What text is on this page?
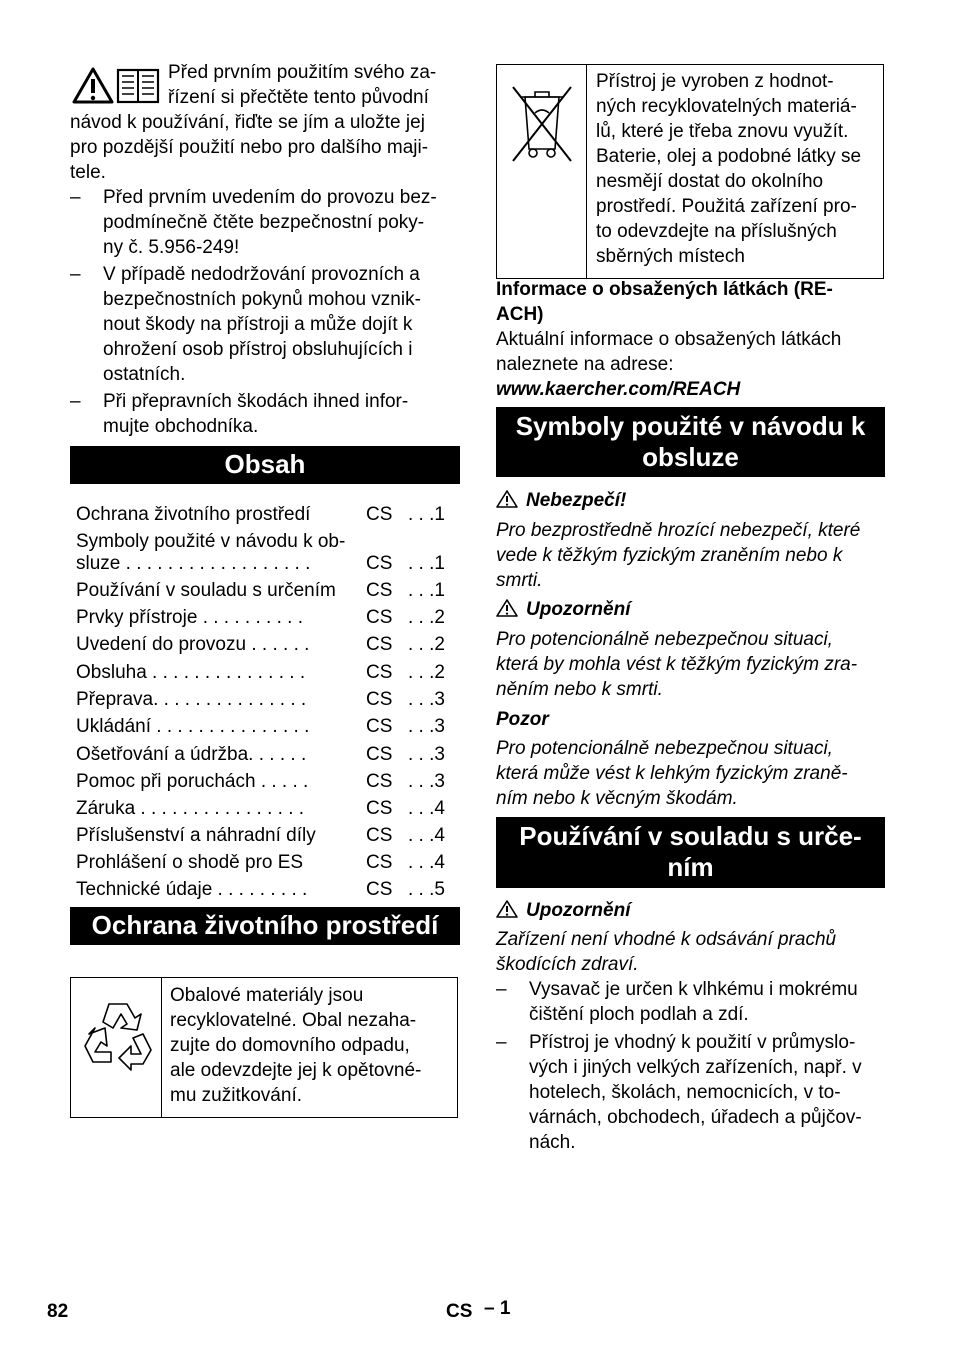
Před prvním použitím svého za-

řízení si přečtěte tento původní

návod k používání, řiďte se jím a uložte jej
pro pozdější použití nebo pro dalšího maji-
tele.

– Před prvním uvedením do provozu bez-
podmínečně čtěte bezpečnostní poky-
ny č. 5.956-249!
– V případě nedodržování provozních a
bezpečnostních pokynů mohou vznik-
nout škody na přístroji a může dojít k
ohrožení osob přístroj obsluhujících i
ostatních.
– Při přepravních škodách ihned infor-
mujte obchodníka.
Obsah
Ochrana životního prostředí	CS . . .1
Symboly použité v návodu k ob-
sluze . . . . . . . . . . . . . . . . . .	CS . . .1
Používání v souladu s určením CS . . .1
Prvky přístroje . . . . . . . . . .	CS . . .2
Uvedení do provozu . . . . . .	CS . . .2
Obsluha . . . . . . . . . . . . . . .	CS . . .2
Přeprava. . . . . . . . . . . . . . .	CS . . .3
Ukládání . . . . . . . . . . . . . . .	CS . . .3
Ošetřování a údržba. . . . . .	CS . . .3
Pomoc při poruchách . . . . .	CS . . .3
Záruka . . . . . . . . . . . . . . . .	CS . . .4
Příslušenství a náhradní díly	CS . . .4
Prohlášení o shodě pro ES	CS . . .4
Technické údaje . . . . . . . . .	CS . . .5
Ochrana životního prostředí
Obalové materiály jsou
recyklovatelné. Obal nezaha-
zujte do domovního odpadu,
ale odevzdejte jej k opětovné-
mu zužitkování.
Přístroj je vyroben z hodnot-
ných recyklovatelných materiá-
lů, které je třeba znovu využít.
Baterie, olej a podobné látky se
nesmějí dostat do okolního
prostředí. Použitá zařízení pro-
to odevzdejte na příslušných
sběrných místech

Informace o obsažených látkách (RE-
ACH)

Aktuální informace o obsažených látkách
naleznete na adrese:

www.kaercher.com/REACH

Symboly použité v návodu k
obsluze
Nebezpečí!

Pro bezprostředně hrozící nebezpečí, které
vede k těžkým fyzickým zraněním nebo k
smrti.

Upozornění

Pro potencionálně nebezpečnou situaci,
která by mohla vést k těžkým fyzickým zra-
něním nebo k smrti.

Pozor

Pro potencionálně nebezpečnou situaci,
která může vést k lehkým fyzickým zraně-
ním nebo k věcným škodám.

Používání v souladu s urče-
ním
Upozornění

Zařízení není vhodné k odsávání prachů
škodících zdraví.

– Vysavač je určen k vlhkému i mokrému
čištění ploch podlah a zdí.
– Přístroj je vhodný k použití v průmyslo-
vých i jiných velkých zařízeních, např. v
hotelech, školách, nemocnicích, v to-
várnách, obchodech, úřadech a půjčov-
nách.
82	CS – 1
